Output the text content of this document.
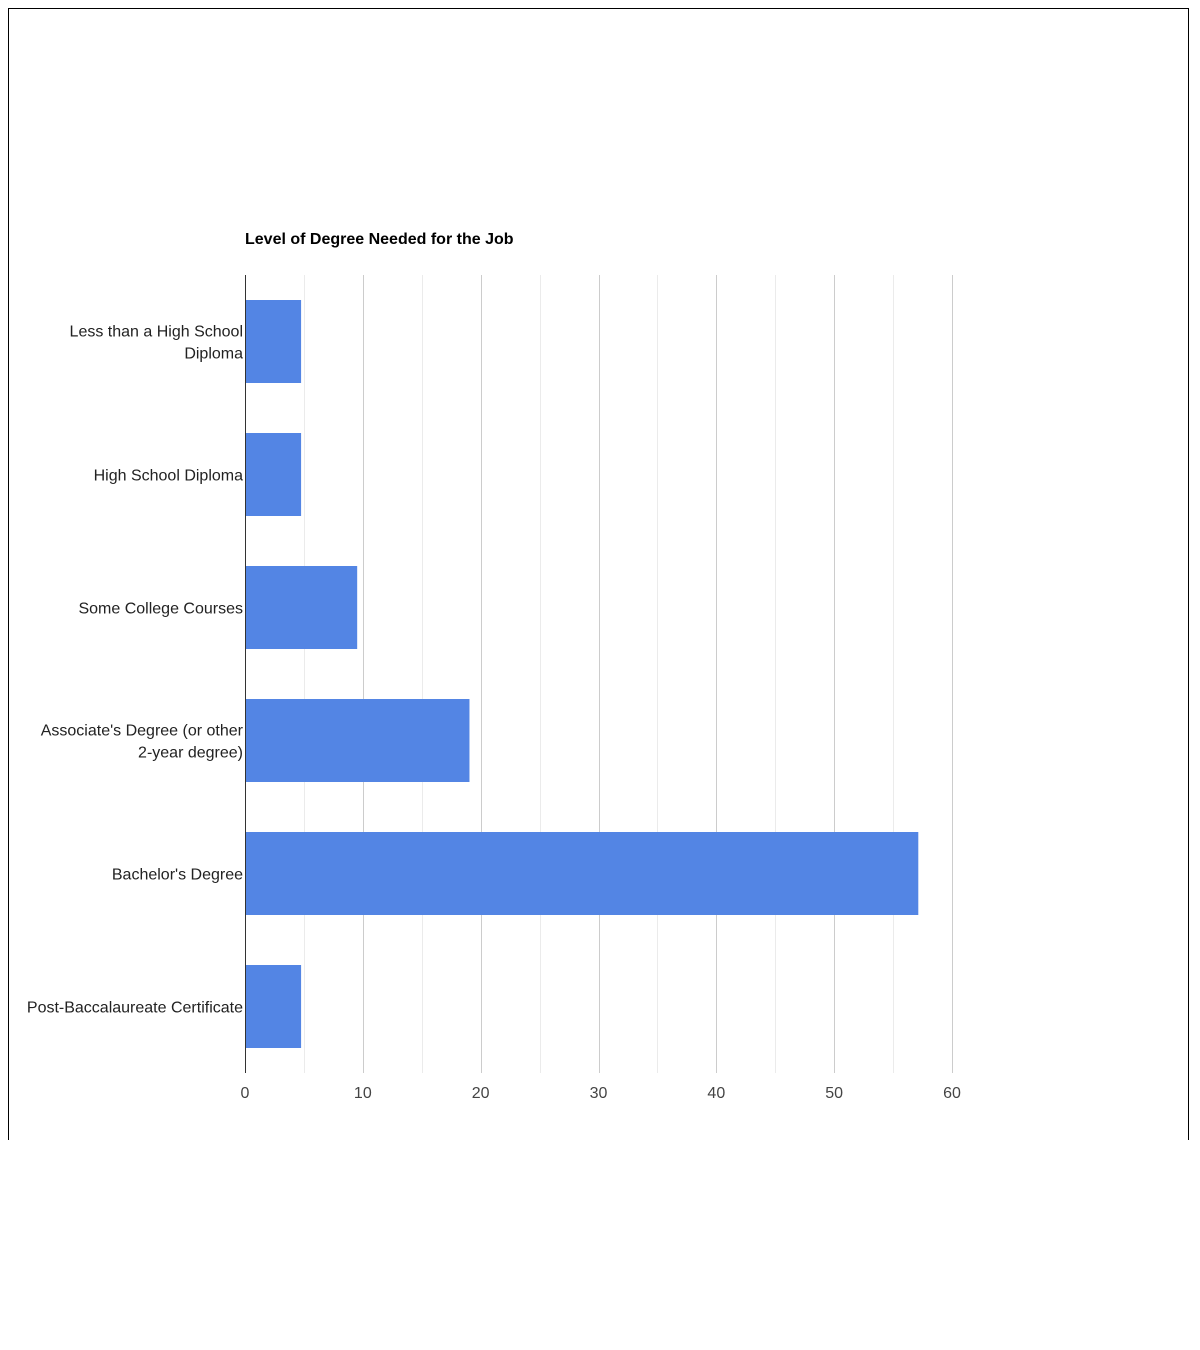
Less than a High School Diploma
High School Diploma
Some College Courses
Associate's Degree (or other 2-year degree)
Bachelor's Degree
Post-Baccalaureate Certificate
0	10	20	30	40	50	60
Level of Degree Needed for the Job
